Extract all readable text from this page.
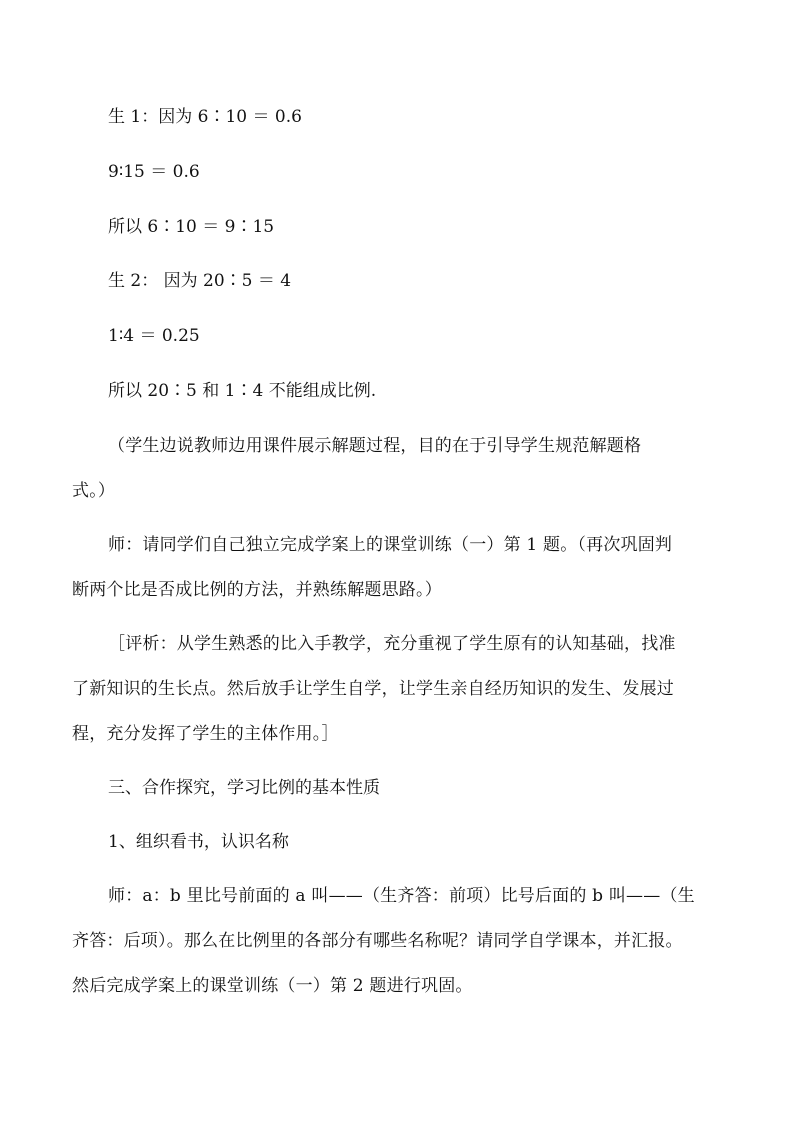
生 1：因为 6∶10 ＝ 0.6
9∶15 ＝ 0.6
所以 6∶10 ＝ 9∶15
生 2： 因为 20∶5 ＝ 4
1∶4 ＝ 0.25
所以 20∶5 和 1∶4 不能组成比例.
（学生边说教师边用课件展示解题过程，目的在于引导学生规范解题格
式。）
师：请同学们自己独立完成学案上的课堂训练（一）第 1 题。（再次巩固判
断两个比是否成比例的方法，并熟练解题思路。）
［评析：从学生熟悉的比入手教学，充分重视了学生原有的认知基础，找准
了新知识的生长点。然后放手让学生自学，让学生亲自经历知识的发生、发展过
程，充分发挥了学生的主体作用。］
三、合作探究，学习比例的基本性质
1、组织看书，认识名称
师：a：b 里比号前面的 a 叫——（生齐答：前项）比号后面的 b 叫——（生
齐答：后项）。那么在比例里的各部分有哪些名称呢？请同学自学课本，并汇报。
然后完成学案上的课堂训练（一）第 2 题进行巩固。
